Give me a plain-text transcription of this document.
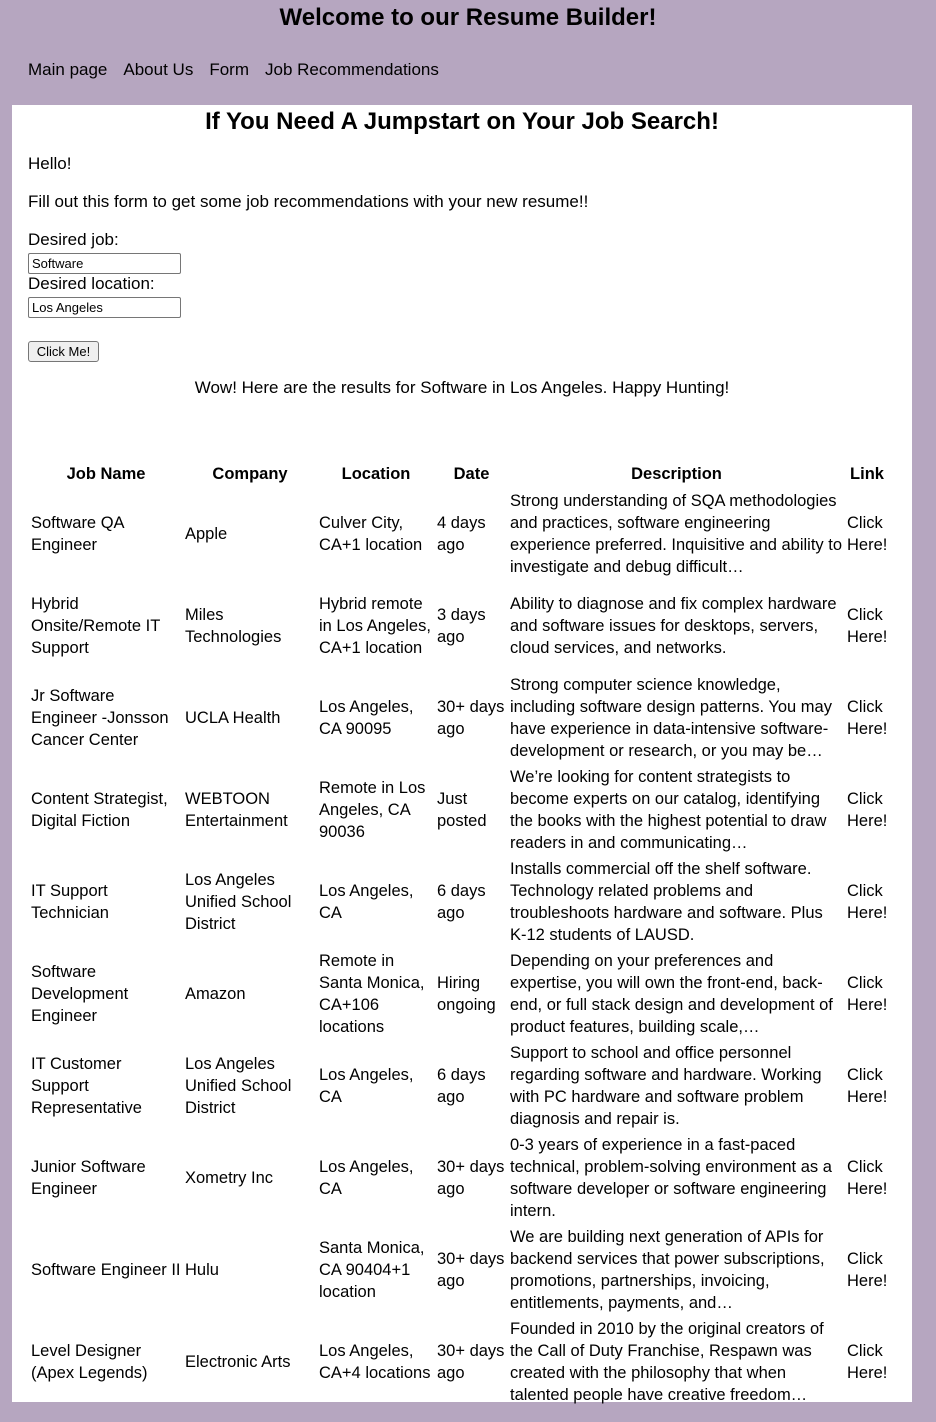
Welcome to our Resume Builder!
Main page About Us Form Job Recommendations
If You Need A Jumpstart on Your Job Search!

Hello!

Fill out this form to get some job recommendations with your new resume!!

Desired job:
Software
Desired location:
Los Angeles
Click Me!

Wow! Here are the results for Software in Los Angeles. Happy Hunting!

Job Name	Company	Location	Date	Description	Link
Software QA Engineer	Apple	Culver City, CA+1 location	4 days ago	Strong understanding of SQA methodologies and practices, software engineering experience preferred. Inquisitive and ability to investigate and debug difficult…	Click Here!
Hybrid Onsite/Remote IT Support	Miles Technologies	Hybrid remote in Los Angeles, CA+1 location	3 days ago	Ability to diagnose and fix complex hardware and software issues for desktops, servers, cloud services, and networks.	Click Here!
Jr Software Engineer -Jonsson Cancer Center	UCLA Health	Los Angeles, CA 90095	30+ days ago	Strong computer science knowledge, including software design patterns. You may have experience in data-intensive software-development or research, or you may be…	Click Here!
Content Strategist, Digital Fiction	WEBTOON Entertainment	Remote in Los Angeles, CA 90036	Just posted	We’re looking for content strategists to become experts on our catalog, identifying the books with the highest potential to draw readers in and communicating…	Click Here!
IT Support Technician	Los Angeles Unified School District	Los Angeles, CA	6 days ago	Installs commercial off the shelf software. Technology related problems and troubleshoots hardware and software. Plus K-12 students of LAUSD.	Click Here!
Software Development Engineer	Amazon	Remote in Santa Monica, CA+106 locations	Hiring ongoing	Depending on your preferences and expertise, you will own the front-end, back-end, or full stack design and development of product features, building scale,…	Click Here!
IT Customer Support Representative	Los Angeles Unified School District	Los Angeles, CA	6 days ago	Support to school and office personnel regarding software and hardware. Working with PC hardware and software problem diagnosis and repair is.	Click Here!
Junior Software Engineer	Xometry Inc	Los Angeles, CA	30+ days ago	0-3 years of experience in a fast-paced technical, problem-solving environment as a software developer or software engineering intern.	Click Here!
Software Engineer II	Hulu	Santa Monica, CA 90404+1 location	30+ days ago	We are building next generation of APIs for backend services that power subscriptions, promotions, partnerships, invoicing, entitlements, payments, and…	Click Here!
Level Designer (Apex Legends)	Electronic Arts	Los Angeles, CA+4 locations	30+ days ago	Founded in 2010 by the original creators of the Call of Duty Franchise, Respawn was created with the philosophy that when talented people have creative freedom…	Click Here!
